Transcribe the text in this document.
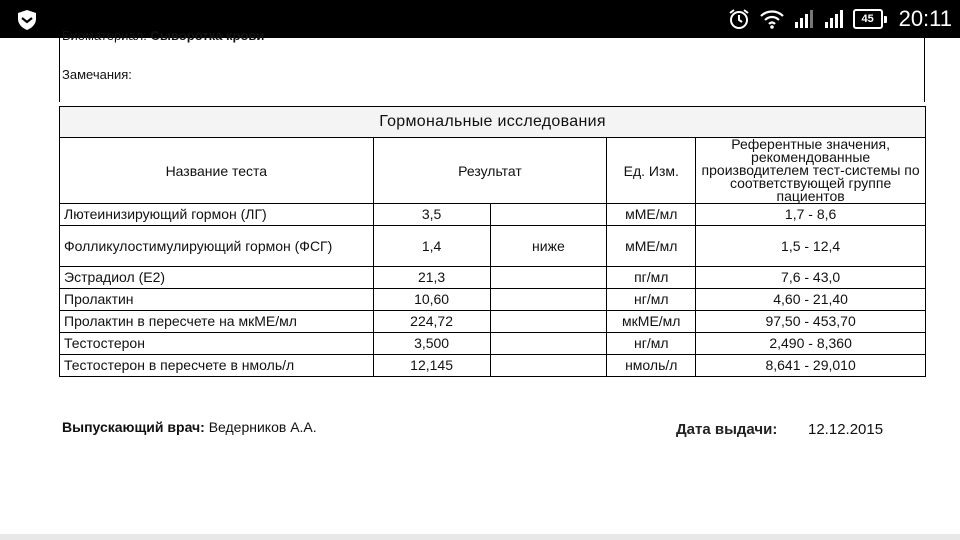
45	20:11
Биоматериал: Сыворотка крови
Замечания:
Гормональные исследования				
Название теста	Результат		Ед. Изм.	Референтные значения, рекомендованные производителем тест-системы по соответствующей группе пациентов
Лютеинизирующий гормон (ЛГ)	3,5		мМЕ/мл	1,7 - 8,6
Фолликулостимулирующий гормон (ФСГ)	1,4	ниже	мМЕ/мл	1,5 - 12,4
Эстрадиол (Е2)	21,3		пг/мл	7,6 - 43,0
Пролактин	10,60		нг/мл	4,60 - 21,40
Пролактин в пересчете на мкМЕ/мл	224,72		мкМЕ/мл	97,50 - 453,70
Тестостерон	3,500		нг/мл	2,490 - 8,360
Тестостерон в пересчете в нмоль/л	12,145		нмоль/л	8,641 - 29,010
Выпускающий врач: Ведерников А.А.	Дата выдачи: 12.12.2015
